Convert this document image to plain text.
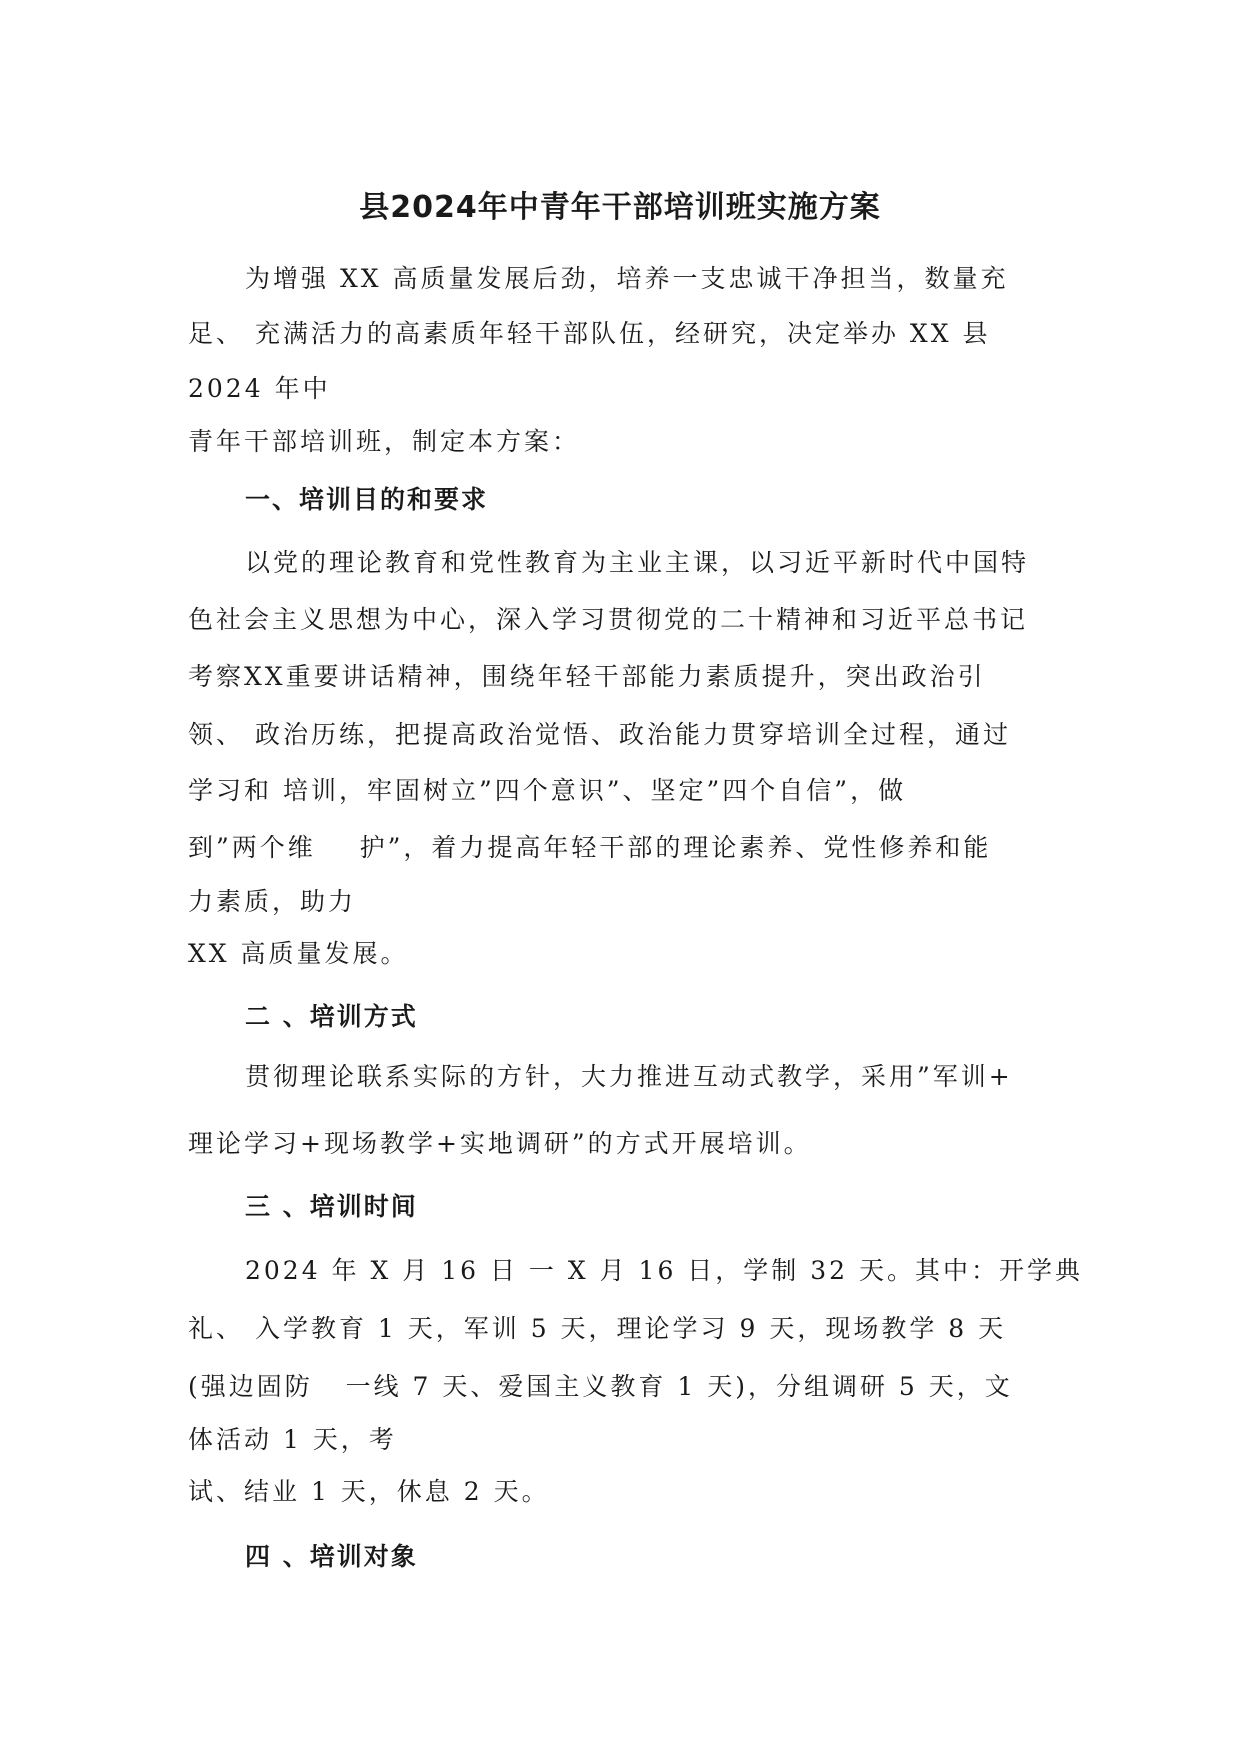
县2024年中青年干部培训班实施方案
为增强 XX 高质量发展后劲，培养一支忠诚干净担当，数量充
足、 充满活力的高素质年轻干部队伍，经研究，决定举办 XX 县
2024 年中
青年干部培训班，制定本方案：
一、培训目的和要求
以党的理论教育和党性教育为主业主课，以习近平新时代中国特
色社会主义思想为中心，深入学习贯彻党的二十精神和习近平总书记
考察XX重要讲话精神，围绕年轻干部能力素质提升，突出政治引
领、 政治历练，把提高政治觉悟、政治能力贯穿培训全过程，通过
学习和 培训，牢固树立”四个意识”、坚定”四个自信”，做
到”两个维    护”，着力提高年轻干部的理论素养、党性修养和能
力素质，助力
XX 高质量发展。
二 、培训方式
贯彻理论联系实际的方针，大力推进互动式教学，采用”军训+
理论学习+现场教学+实地调研”的方式开展培训。
三 、培训时间
2024 年 X 月 16 日 一 X 月 16 日，学制 32 天。其中：开学典
礼、 入学教育 1 天，军训 5 天，理论学习 9 天，现场教学 8 天
(强边固防   一线 7 天、爱国主义教育 1 天)，分组调研 5 天，文
体活动 1 天，考
试、结业 1 天，休息 2 天。
四 、培训对象
